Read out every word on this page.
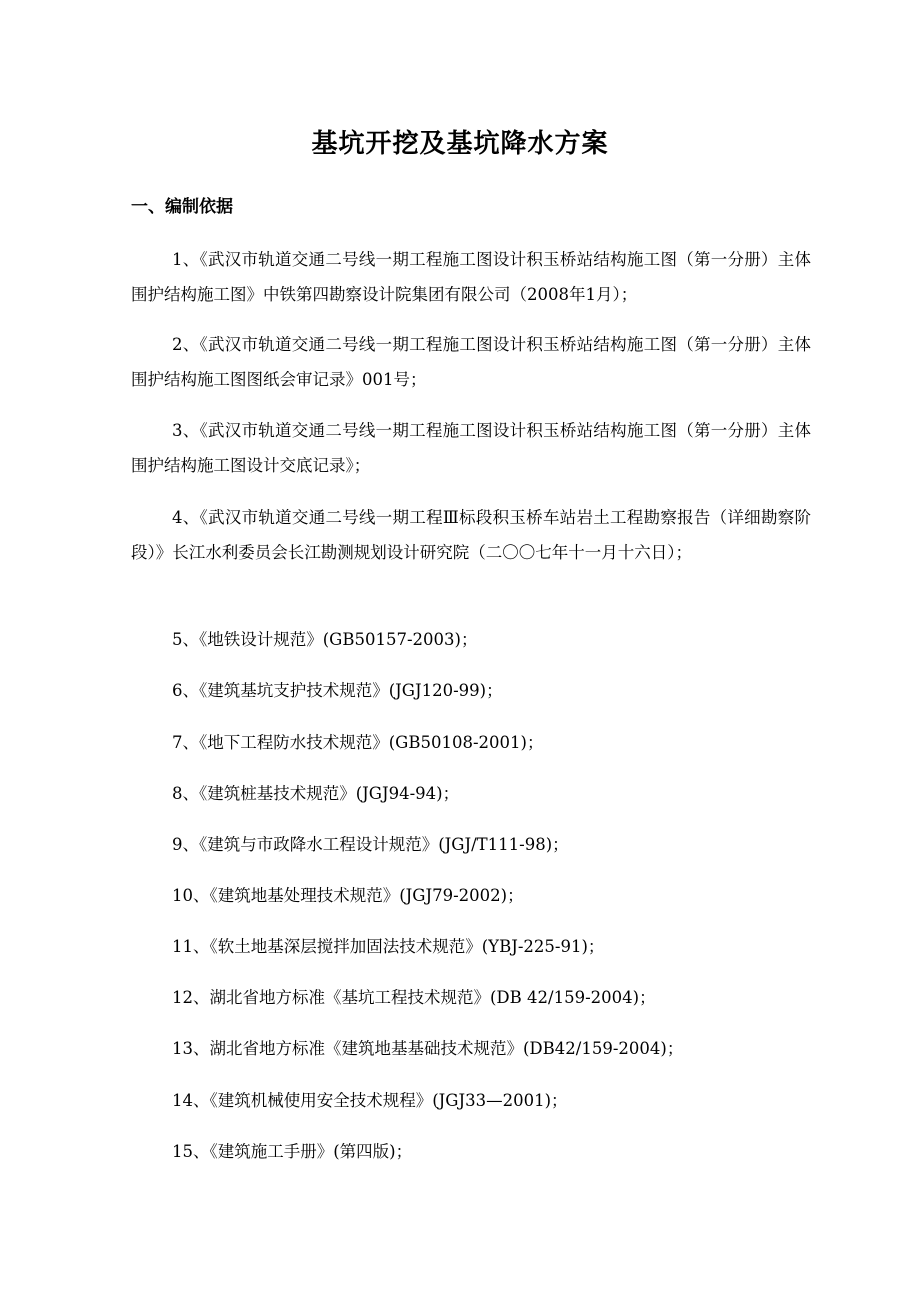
基坑开挖及基坑降水方案
一、编制依据

1、《武汉市轨道交通二号线一期工程施工图设计积玉桥站结构施工图（第一分册）主体围护结构施工图》中铁第四勘察设计院集团有限公司（2008年1月）；

2、《武汉市轨道交通二号线一期工程施工图设计积玉桥站结构施工图（第一分册）主体围护结构施工图图纸会审记录》001号；

3、《武汉市轨道交通二号线一期工程施工图设计积玉桥站结构施工图（第一分册）主体围护结构施工图设计交底记录》；

4、《武汉市轨道交通二号线一期工程Ⅲ标段积玉桥车站岩土工程勘察报告（详细勘察阶段）》长江水利委员会长江勘测规划设计研究院（二〇〇七年十一月十六日）；

5、《地铁设计规范》(GB50157-2003)；

6、《建筑基坑支护技术规范》(JGJ120-99)；

7、《地下工程防水技术规范》(GB50108-2001)；

8、《建筑桩基技术规范》(JGJ94-94)；

9、《建筑与市政降水工程设计规范》(JGJ/T111-98)；

10、《建筑地基处理技术规范》(JGJ79-2002)；

11、《软土地基深层搅拌加固法技术规范》(YBJ-225-91)；

12、湖北省地方标准《基坑工程技术规范》(DB 42/159-2004)；

13、湖北省地方标准《建筑地基基础技术规范》(DB42/159-2004)；

14、《建筑机械使用安全技术规程》(JGJ33—2001)；

15、《建筑施工手册》(第四版)；
